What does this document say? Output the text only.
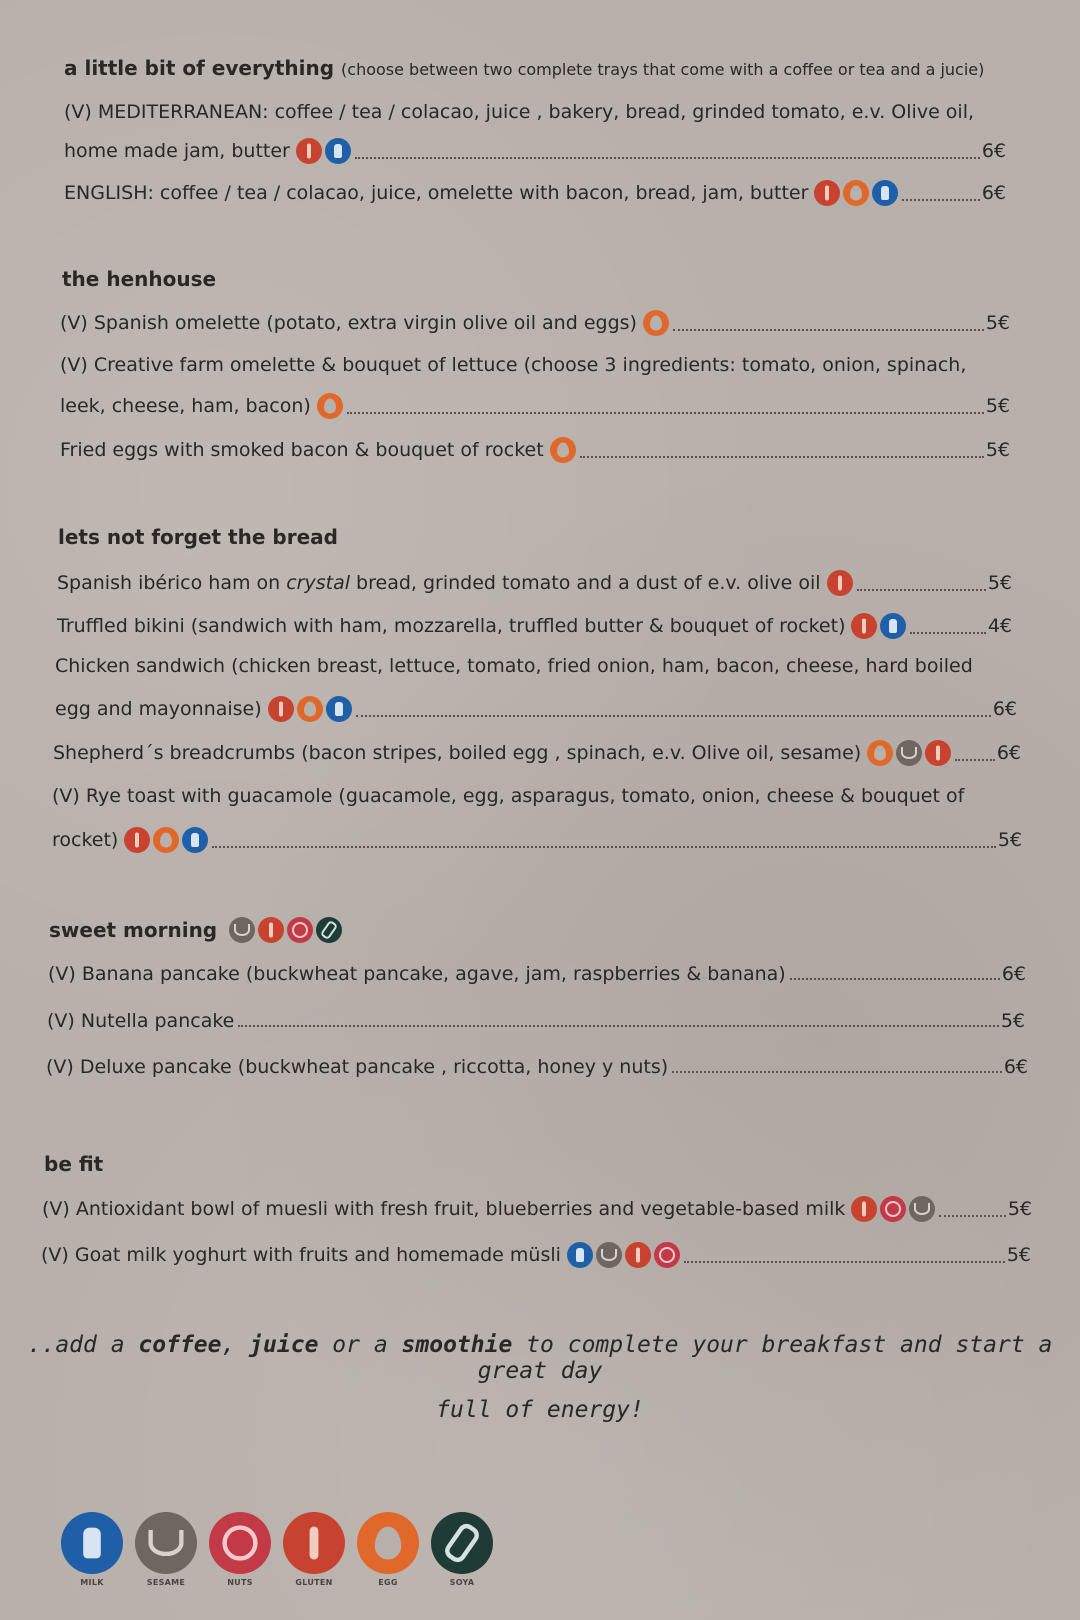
a little bit of everything (choose between two complete trays that come with a coffee or tea and a jucie)
(V) MEDITERRANEAN: coffee / tea / colacao, juice , bakery, bread, grinded tomato, e.v. Olive oil,
home made jam, butter	6€
ENGLISH: coffee / tea / colacao, juice, omelette with bacon, bread, jam, butter	6€
the henhouse
(V) Spanish omelette (potato, extra virgin olive oil and eggs)	5€
(V) Creative farm omelette & bouquet of lettuce (choose 3 ingredients: tomato, onion, spinach,
leek, cheese, ham, bacon)	5€
Fried eggs with smoked bacon & bouquet of rocket	5€
lets not forget the bread
Spanish ibérico ham on crystal bread, grinded tomato and a dust of e.v. olive oil	5€
Truffled bikini (sandwich with ham, mozzarella, truffled butter & bouquet of rocket)	4€
Chicken sandwich (chicken breast, lettuce, tomato, fried onion, ham, bacon, cheese, hard boiled
egg and mayonnaise)	6€
Shepherd´s breadcrumbs (bacon stripes, boiled egg , spinach, e.v. Olive oil, sesame)	6€
(V) Rye toast with guacamole (guacamole, egg, asparagus, tomato, onion, cheese & bouquet of
rocket)	5€
sweet morning
(V) Banana pancake (buckwheat pancake, agave, jam, raspberries & banana)	6€
(V) Nutella pancake	5€
(V) Deluxe pancake (buckwheat pancake , riccotta, honey y nuts)	6€
be fit
(V) Antioxidant bowl of muesli with fresh fruit, blueberries and vegetable-based milk	5€
(V) Goat milk yoghurt with fruits and homemade müsli	5€
..add a coffee, juice or a smoothie to complete your breakfast and start a great day
full of energy!
MILK	SESAME	NUTS	GLUTEN	EGG	SOYA
